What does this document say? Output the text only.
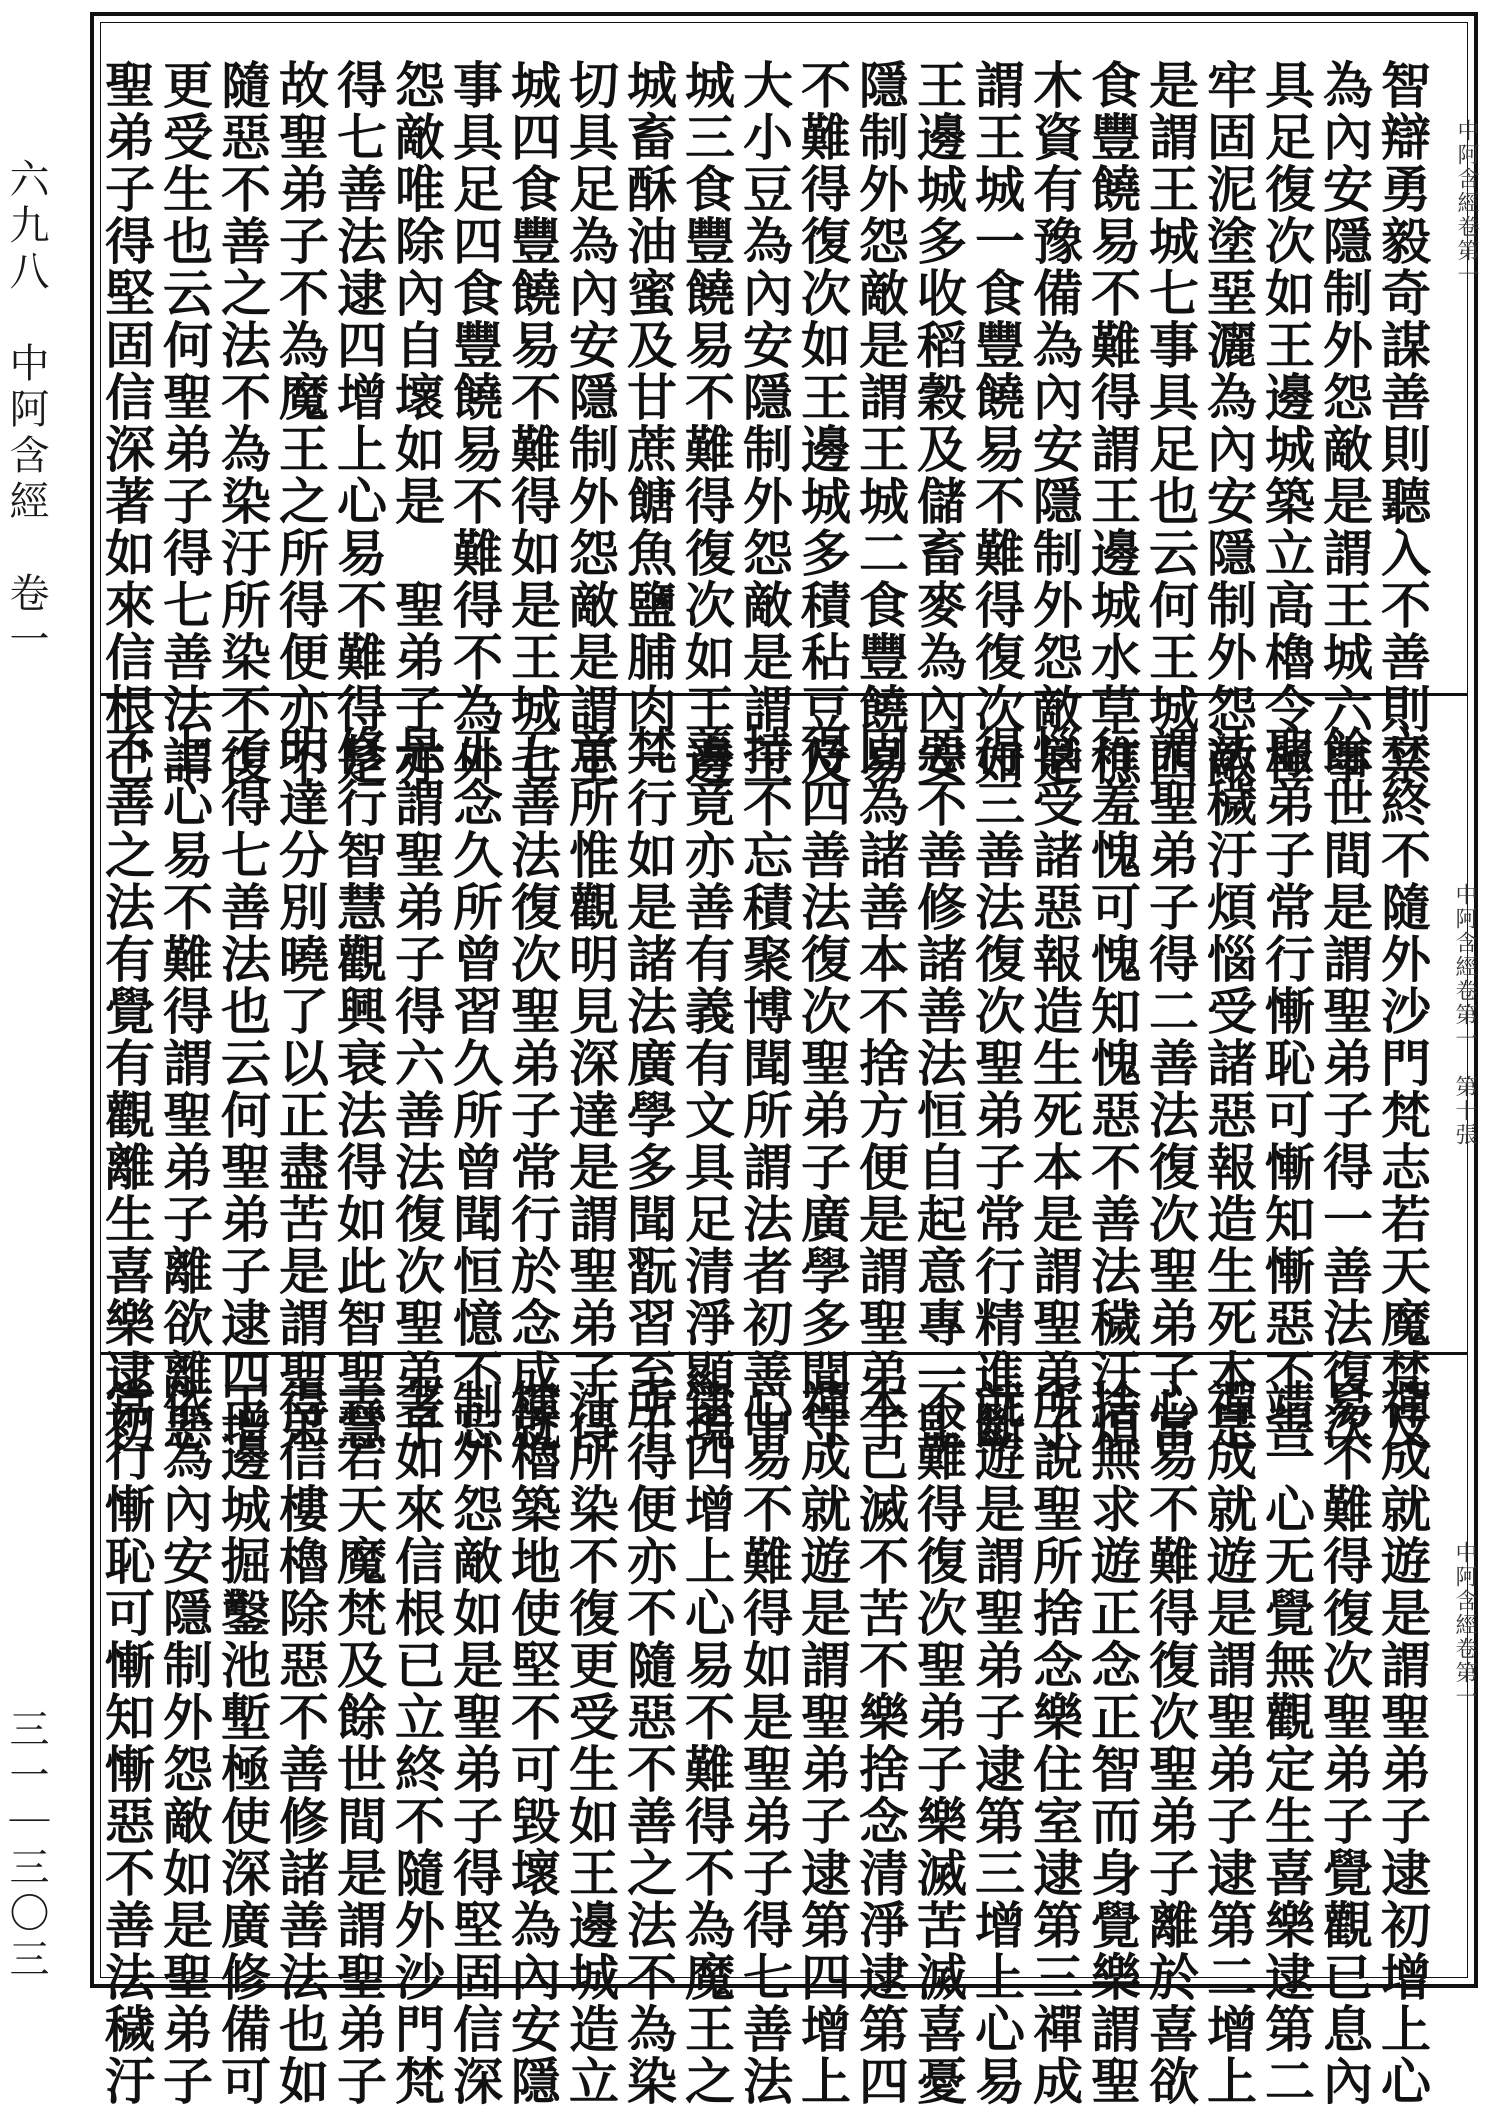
六九八　中阿含經　卷一
三一｜三〇三
中阿含經卷第一
智辯勇毅奇謀善則聽入不善則禁
為內安隱制外怨敵是謂王城六事
具足復次如王邊城築立高櫓令極
牢固泥塗堊灑為內安隱制外怨敵
是謂王城七事具足也云何王城四
食豐饒易不難得謂王邊城水草樵
木資有豫備為內安隱制外怨敵是
謂王城一食豐饒易不難得復次如
王邊城多收稻穀及儲畜麥為內安
隱制外怨敵是謂王城二食豐饒易
不難得復次如王邊城多積秥豆及
大小豆為內安隱制外怨敵是謂王
城三食豐饒易不難得復次如王邊
城畜酥油蜜及甘蔗餹魚鹽脯肉一
切具足為內安隱制外怨敵是謂王
城四食豐饒易不難得如是王城七
事具足四食豐饒易不難得不為外
怨敵唯除內自壞如是　聖弟子亦
得七善法逮四增上心易不難得是
故聖弟子不為魔王之所得便亦不
隨惡不善之法不為染汙所染不復
更受生也云何聖弟子得七善法謂
聖弟子得堅固信深著如來信根已
中阿含經卷第一　第十張
立終不隨外沙門梵志若天魔梵及
餘世間是謂聖弟子得一善法復次
聖弟子常行慚恥可慚知慚惡不善
法穢汙煩惱受諸惡報造生死本是
謂聖弟子得二善法復次聖弟子常
行羞愧可愧知愧惡不善法穢汙煩
惱受諸惡報造生死本是謂聖弟子
得三善法復次聖弟子常行精進斷
惡不善修諸善法恒自起意專一堅
固為諸善本不捨方便是謂聖弟子
得四善法復次聖弟子廣學多聞守
持不忘積聚博聞所謂法者初善中
善竟亦善有義有文具足清淨顯現
梵行如是諸法廣學多聞翫習至千
意所惟觀明見深達是謂聖弟子得
五善法復次聖弟子常行於念成就
正念久所曾習久所曾聞恒憶不忘
是謂聖弟子得六善法復次聖弟子
修行智慧觀興衰法得如此智聖慧
明達分別曉了以正盡苦是謂聖弟
子得七善法也云何聖弟子逮四增
上心易不難得謂聖弟子離欲離惡
不善之法有覺有觀離生喜樂逮初
中阿含經卷第一
禪成就遊是謂聖弟子逮初增上心
易不難得復次聖弟子覺觀已息內
靖一心无覺無觀定生喜樂逮第二
禪成就遊是謂聖弟子逮第二增上
心易不難得復次聖弟子離於喜欲
捨無求遊正念正智而身覺樂謂聖
所說聖所捨念樂住室逮第三禪成
就遊是謂聖弟子逮第三增上心易
不難得復次聖弟子樂滅苦滅喜憂
本已滅不苦不樂捨念清淨逮第四
禪成就遊是謂聖弟子逮第四增上
心易不難得如是聖弟子得七善法
逮四增上心易不難得不為魔王之
所得便亦不隨惡不善之法不為染
汙所染不復更受生如王邊城造立
樓櫓築地使堅不可毀壞為內安隱
制外怨敵如是聖弟子得堅固信深
著如來信根已立終不隨外沙門梵
志若天魔梵及餘世間是謂聖弟子
得信樓櫓除惡不善修諸善法也如
王邊城掘鑿池塹極使深廣修備可
依為內安隱制外怨敵如是聖弟子
常行慚恥可慚知慚惡不善法穢汙
